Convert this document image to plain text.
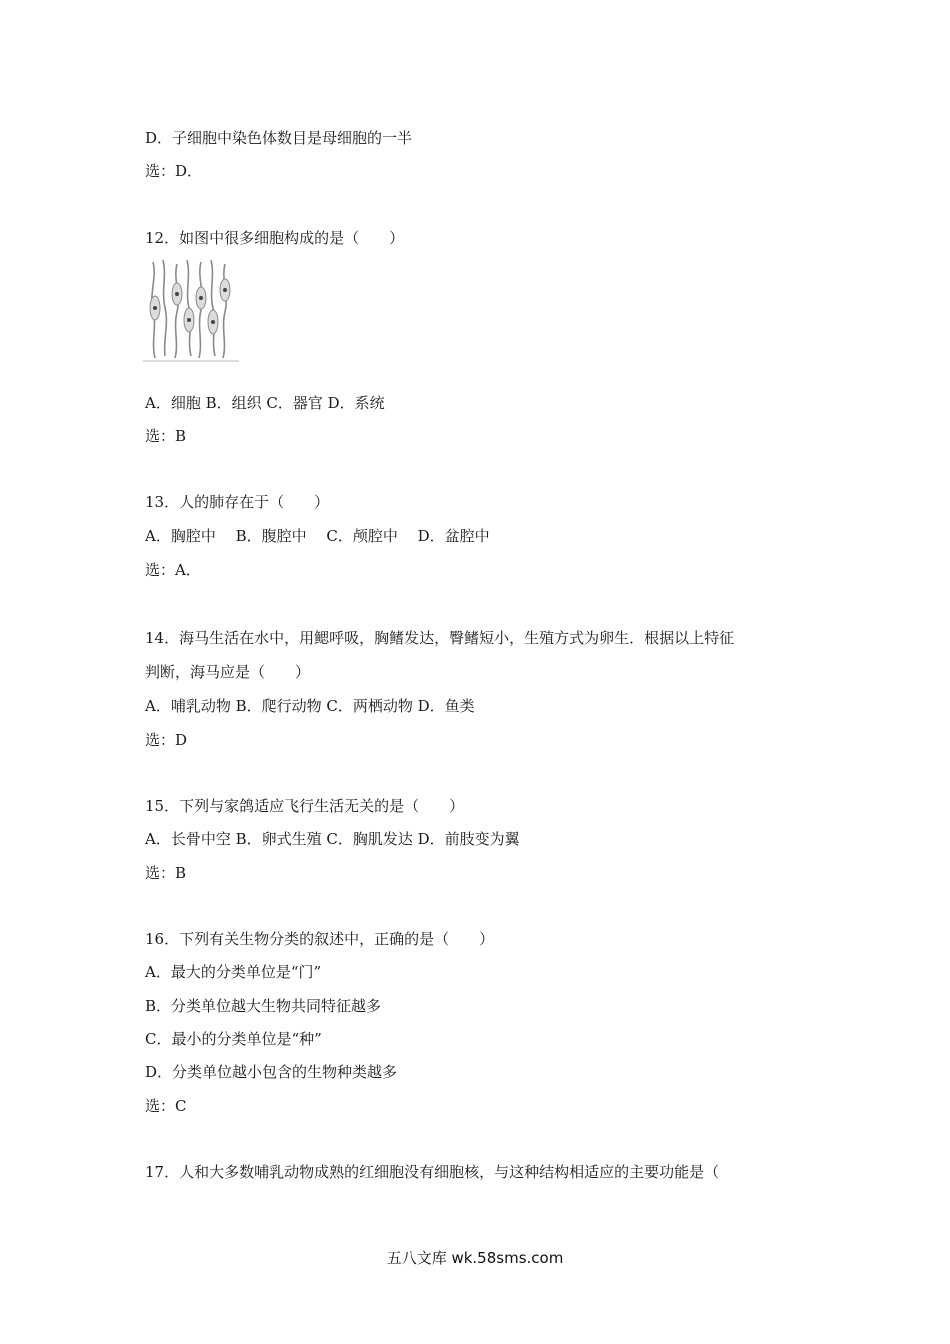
D．子细胞中染色体数目是母细胞的一半
选：D．
12．如图中很多细胞构成的是（　　）
A．细胞 B．组织 C．器官 D．系统
选：B
13．人的肺存在于（　　）
A．胸腔中　 B．腹腔中　 C．颅腔中　 D．盆腔中
选：A．
14．海马生活在水中，用鳃呼吸，胸鳍发达，臀鳍短小，生殖方式为卵生．根据以上特征
判断，海马应是（　　）
A．哺乳动物 B．爬行动物 C．两栖动物 D．鱼类
选：D
15．下列与家鸽适应飞行生活无关的是（　　）
A．长骨中空 B．卵式生殖 C．胸肌发达 D．前肢变为翼
选：B
16．下列有关生物分类的叙述中，正确的是（　　）
A．最大的分类单位是“门”
B．分类单位越大生物共同特征越多
C．最小的分类单位是“种”
D．分类单位越小包含的生物种类越多
选：C
17．人和大多数哺乳动物成熟的红细胞没有细胞核，与这种结构相适应的主要功能是（
五八文库 wk.58sms.com
